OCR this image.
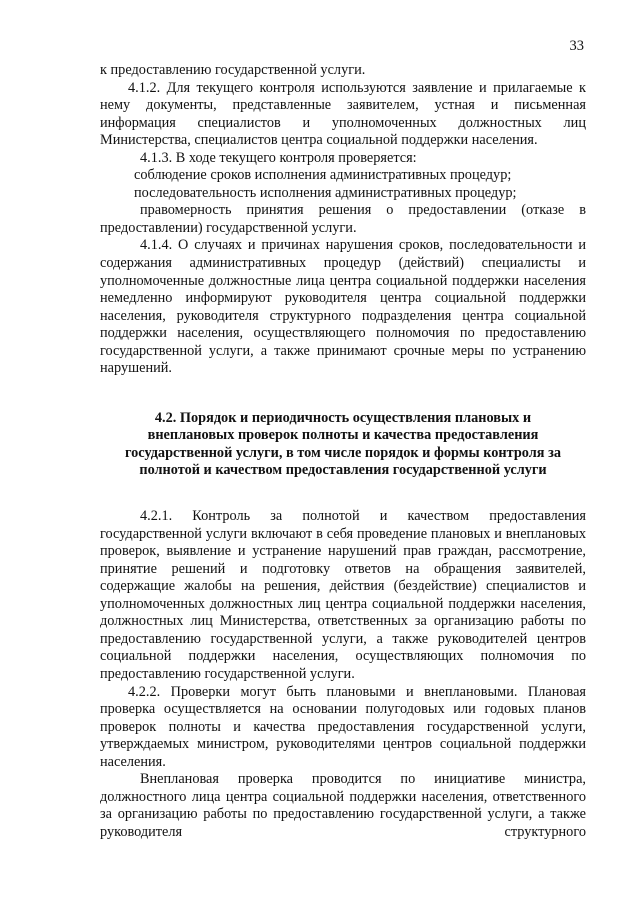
33

к предоставлению государственной услуги.

4.1.2. Для текущего контроля используются заявление и прилагаемые к нему документы, представленные заявителем, устная и письменная информация специалистов и уполномоченных должностных лиц Министерства, специалистов центра социальной поддержки населения.

4.1.3. В ходе текущего контроля проверяется:

соблюдение сроков исполнения административных процедур;

последовательность исполнения административных процедур;

правомерность принятия решения о предоставлении (отказе в предоставлении) государственной услуги.

4.1.4. О случаях и причинах нарушения сроков, последовательности и содержания административных процедур (действий) специалисты и уполномоченные должностные лица центра социальной поддержки населения немедленно информируют руководителя центра социальной поддержки населения, руководителя структурного подразделения центра социальной поддержки населения, осуществляющего полномочия по предоставлению государственной услуги, а также принимают срочные меры по устранению нарушений.

4.2. Порядок и периодичность осуществления плановых и внеплановых проверок полноты и качества предоставления государственной услуги, в том числе порядок и формы контроля за полнотой и качеством предоставления государственной услуги

4.2.1. Контроль за полнотой и качеством предоставления государственной услуги включают в себя проведение плановых и внеплановых проверок, выявление и устранение нарушений прав граждан, рассмотрение, принятие решений и подготовку ответов на обращения заявителей, содержащие жалобы на решения, действия (бездействие) специалистов и уполномоченных должностных лиц центра социальной поддержки населения, должностных лиц Министерства, ответственных за организацию работы по предоставлению государственной услуги, а также руководителей центров социальной поддержки населения, осуществляющих полномочия по предоставлению государственной услуги.

4.2.2. Проверки могут быть плановыми и внеплановыми. Плановая проверка осуществляется на основании полугодовых или годовых планов проверок полноты и качества предоставления государственной услуги, утверждаемых министром, руководителями центров социальной поддержки населения.

Внеплановая проверка проводится по инициативе министра, должностного лица центра социальной поддержки населения, ответственного за организацию работы по предоставлению государственной услуги, а также руководителя структурного
